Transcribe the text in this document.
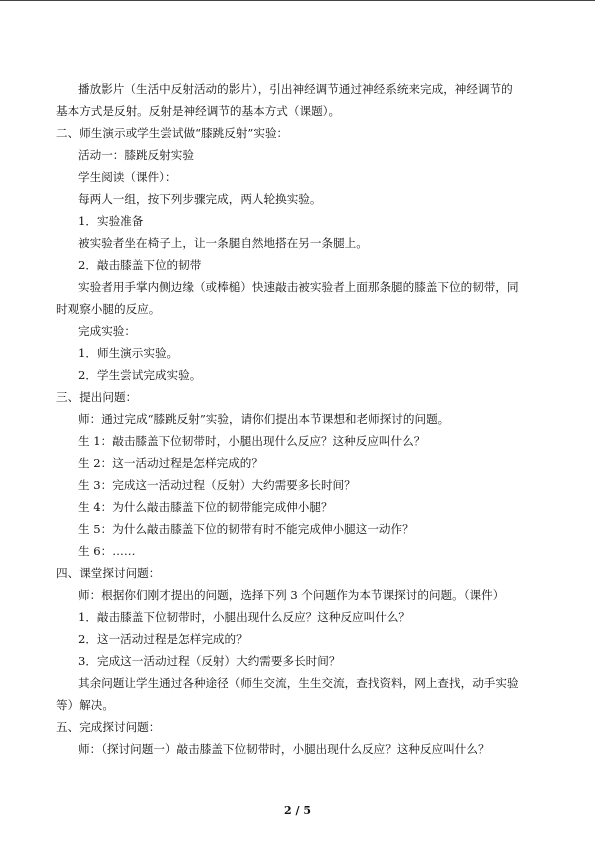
播放影片（生活中反射活动的影片），引出神经调节通过神经系统来完成，神经调节的
基本方式是反射。反射是神经调节的基本方式（课题）。
二、师生演示或学生尝试做“膝跳反射”实验：
活动一：膝跳反射实验
学生阅读（课件）：
每两人一组，按下列步骤完成，两人轮换实验。
1．实验准备
被实验者坐在椅子上，让一条腿自然地搭在另一条腿上。
2．敲击膝盖下位的韧带
实验者用手掌内侧边缘（或棒槌）快速敲击被实验者上面那条腿的膝盖下位的韧带，同
时观察小腿的反应。
完成实验：
1．师生演示实验。
2．学生尝试完成实验。
三、提出问题：
师：通过完成“膝跳反射”实验，请你们提出本节课想和老师探讨的问题。
生 1：敲击膝盖下位韧带时，小腿出现什么反应？这种反应叫什么？
生 2：这一活动过程是怎样完成的？
生 3：完成这一活动过程（反射）大约需要多长时间？
生 4：为什么敲击膝盖下位的韧带能完成伸小腿？
生 5：为什么敲击膝盖下位的韧带有时不能完成伸小腿这一动作？
生 6：……
四、课堂探讨问题：
师：根据你们刚才提出的问题，选择下列 3 个问题作为本节课探讨的问题。（课件）
1．敲击膝盖下位韧带时，小腿出现什么反应？这种反应叫什么？
2．这一活动过程是怎样完成的？
3．完成这一活动过程（反射）大约需要多长时间？
其余问题让学生通过各种途径（师生交流，生生交流，查找资料，网上查找，动手实验
等）解决。
五、完成探讨问题：
师：（探讨问题一）敲击膝盖下位韧带时，小腿出现什么反应？这种反应叫什么？
2 / 5
